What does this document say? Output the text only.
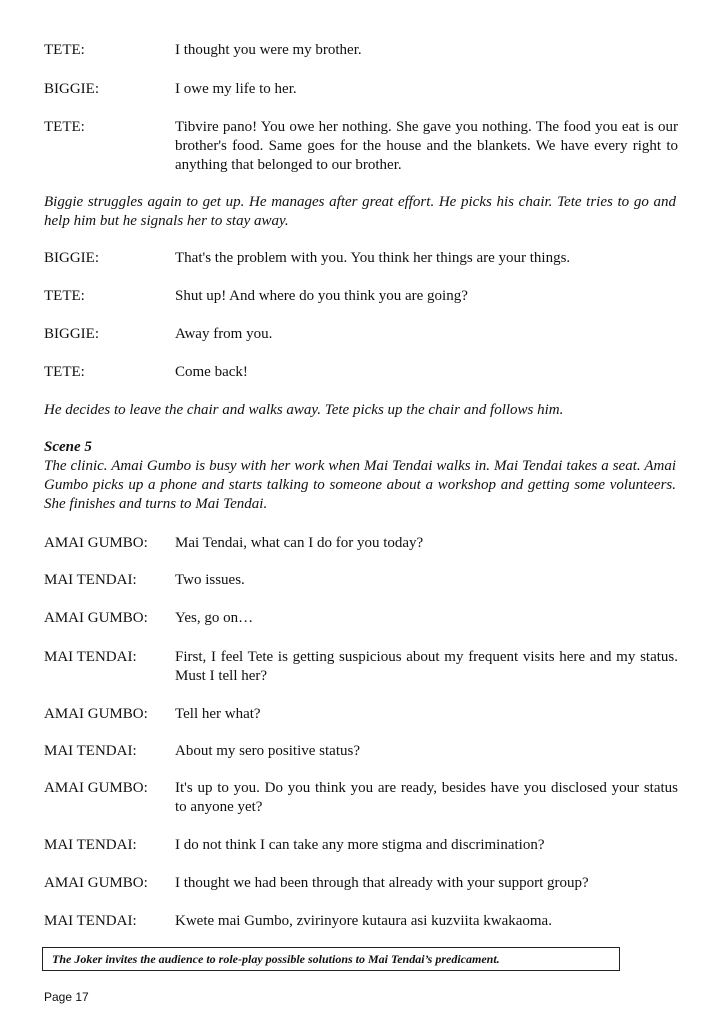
TETE:	I thought you were my brother.
BIGGIE:	I owe my life to her.
TETE:	Tibvire pano! You owe her nothing. She gave you nothing. The food you eat is our brother's food. Same goes for the house and the blankets. We have every right to anything that belonged to our brother.

Biggie struggles again to get up. He manages after great effort. He picks his chair. Tete tries to go and help him but he signals her to stay away.

BIGGIE:	That's the problem with you. You think her things are your things.
TETE:	Shut up! And where do you think you are going?
BIGGIE:	Away from you.
TETE:	Come back!

He decides to leave the chair and walks away. Tete picks up the chair and follows him.

Scene 5

The clinic. Amai Gumbo is busy with her work when Mai Tendai walks in. Mai Tendai takes a seat. Amai Gumbo picks up a phone and starts talking to someone about a workshop and getting some volunteers. She finishes and turns to Mai Tendai.

AMAI GUMBO: Mai Tendai, what can I do for you today?
MAI TENDAI:	Two issues.
AMAI GUMBO: Yes, go on…
MAI TENDAI:	First, I feel Tete is getting suspicious about my frequent visits here and my status. Must I tell her?
AMAI GUMBO: Tell her what?
MAI TENDAI:	About my sero positive status?
AMAI GUMBO: It's up to you. Do you think you are ready, besides have you disclosed your status to anyone yet?
MAI TENDAI:	I do not think I can take any more stigma and discrimination?
AMAI GUMBO: I thought we had been through that already with your support group?
MAI TENDAI:	Kwete mai Gumbo, zvirinyore kutaura asi kuzviita kwakaoma.
The Joker invites the audience to role-play possible solutions to Mai Tendai’s predicament.
Page 17
